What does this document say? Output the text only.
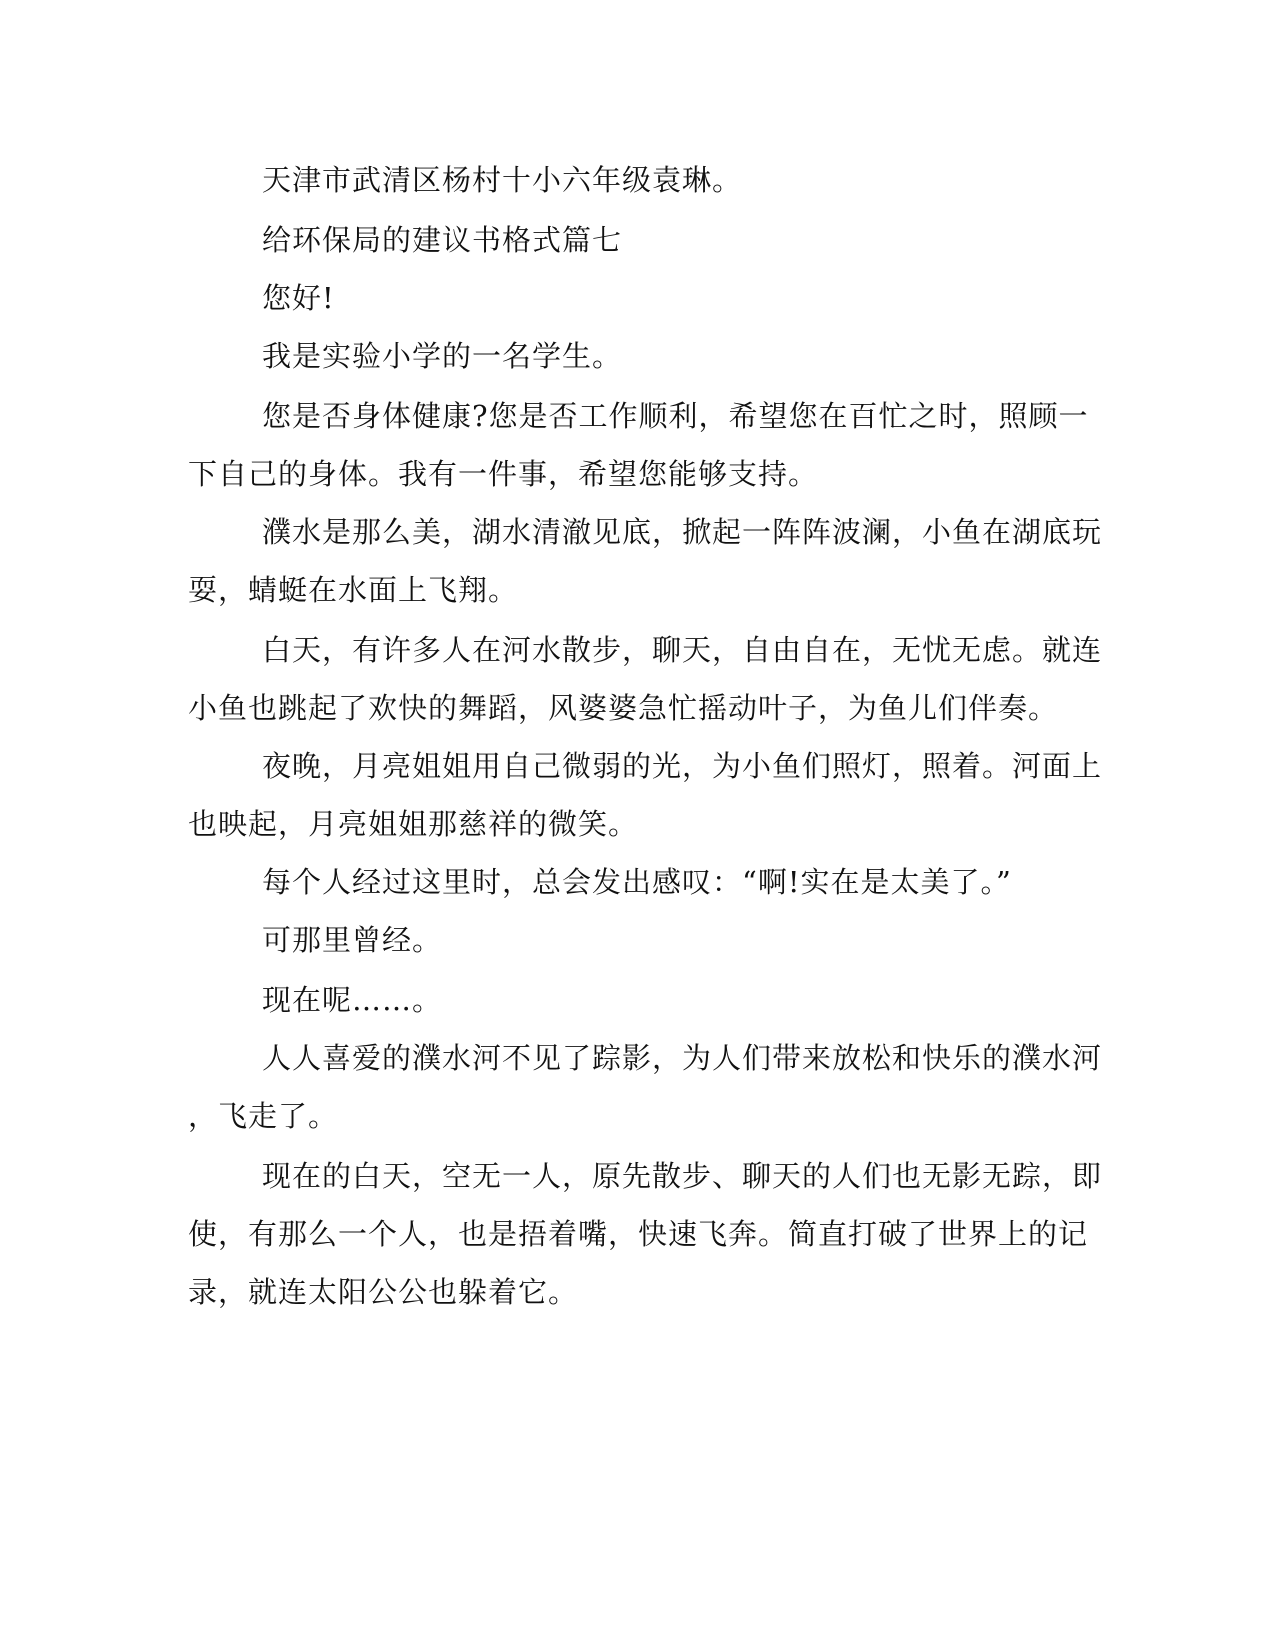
天津市武清区杨村十小六年级袁琳。
给环保局的建议书格式篇七
您好!
我是实验小学的一名学生。
您是否身体健康?您是否工作顺利，希望您在百忙之时，照顾一
下自己的身体。我有一件事，希望您能够支持。
濮水是那么美，湖水清澈见底，掀起一阵阵波澜，小鱼在湖底玩
耍，蜻蜓在水面上飞翔。
白天，有许多人在河水散步，聊天，自由自在，无忧无虑。就连
小鱼也跳起了欢快的舞蹈，风婆婆急忙摇动叶子，为鱼儿们伴奏。
夜晚，月亮姐姐用自己微弱的光，为小鱼们照灯，照着。河面上
也映起，月亮姐姐那慈祥的微笑。
每个人经过这里时，总会发出感叹：“啊!实在是太美了。”
可那里曾经。
现在呢……。
人人喜爱的濮水河不见了踪影，为人们带来放松和快乐的濮水河
，飞走了。
现在的白天，空无一人，原先散步、聊天的人们也无影无踪，即
使，有那么一个人，也是捂着嘴，快速飞奔。简直打破了世界上的记
录，就连太阳公公也躲着它。
